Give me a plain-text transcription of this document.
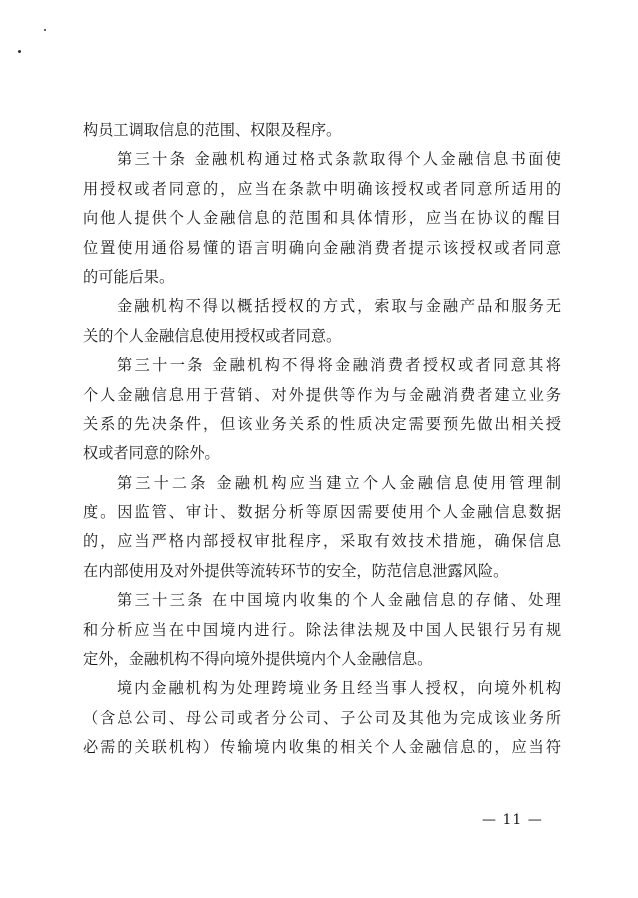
构员工调取信息的范围、权限及程序。
第三十条 金融机构通过格式条款取得个人金融信息书面使
用授权或者同意的，应当在条款中明确该授权或者同意所适用的
向他人提供个人金融信息的范围和具体情形，应当在协议的醒目
位置使用通俗易懂的语言明确向金融消费者提示该授权或者同意
的可能后果。
金融机构不得以概括授权的方式，索取与金融产品和服务无
关的个人金融信息使用授权或者同意。
第三十一条 金融机构不得将金融消费者授权或者同意其将
个人金融信息用于营销、对外提供等作为与金融消费者建立业务
关系的先决条件，但该业务关系的性质决定需要预先做出相关授
权或者同意的除外。
第三十二条 金融机构应当建立个人金融信息使用管理制
度。因监管、审计、数据分析等原因需要使用个人金融信息数据
的，应当严格内部授权审批程序，采取有效技术措施，确保信息
在内部使用及对外提供等流转环节的安全，防范信息泄露风险。
第三十三条 在中国境内收集的个人金融信息的存储、处理
和分析应当在中国境内进行。除法律法规及中国人民银行另有规
定外，金融机构不得向境外提供境内个人金融信息。
境内金融机构为处理跨境业务且经当事人授权，向境外机构
（含总公司、母公司或者分公司、子公司及其他为完成该业务所
必需的关联机构）传输境内收集的相关个人金融信息的，应当符
— 11 —
